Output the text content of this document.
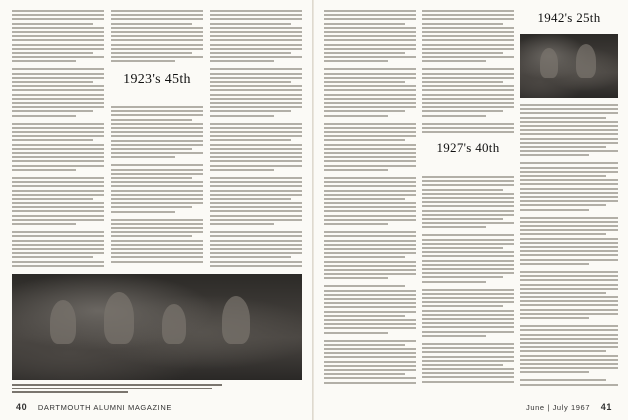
1923's 45th
40 DARTMOUTH ALUMNI MAGAZINE
1927's 40th
1942's 25th
June | July 1967 41
